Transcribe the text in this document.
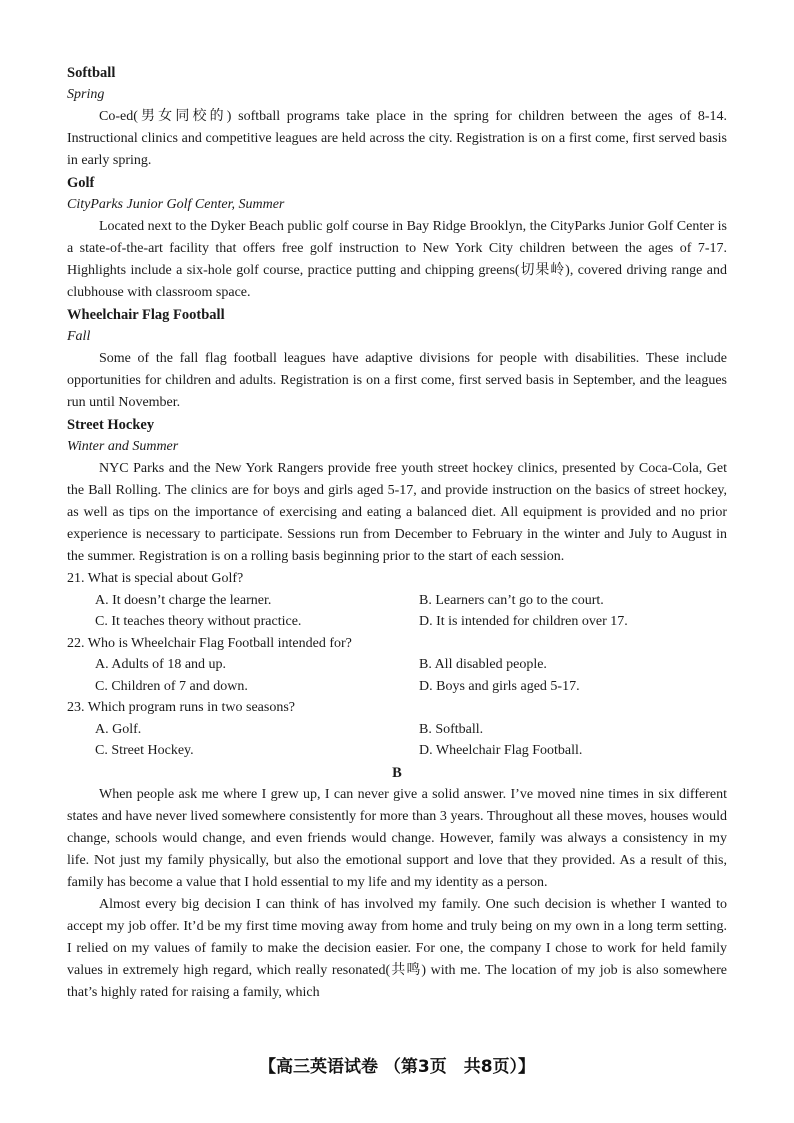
Softball
Spring

Co-ed(男女同校的) softball programs take place in the spring for children between the ages of 8-14. Instructional clinics and competitive leagues are held across the city. Registration is on a first come, first served basis in early spring.

Golf
CityParks Junior Golf Center, Summer

Located next to the Dyker Beach public golf course in Bay Ridge Brooklyn, the CityParks Junior Golf Center is a state-of-the-art facility that offers free golf instruction to New York City children between the ages of 7-17. Highlights include a six-hole golf course, practice putting and chipping greens(切果岭), covered driving range and clubhouse with classroom space.

Wheelchair Flag Football
Fall

Some of the fall flag football leagues have adaptive divisions for people with disabilities. These include opportunities for children and adults. Registration is on a first come, first served basis in September, and the leagues run until November.

Street Hockey
Winter and Summer

NYC Parks and the New York Rangers provide free youth street hockey clinics, presented by Coca-Cola, Get the Ball Rolling. The clinics are for boys and girls aged 5-17, and provide instruction on the basics of street hockey, as well as tips on the importance of exercising and eating a balanced diet. All equipment is provided and no prior experience is necessary to participate. Sessions run from December to February in the winter and July to August in the summer. Registration is on a rolling basis beginning prior to the start of each session.

21. What is special about Golf?
A. It doesn’t charge the learner.	B. Learners can’t go to the court.
C. It teaches theory without practice.	D. It is intended for children over 17.
22. Who is Wheelchair Flag Football intended for?
A. Adults of 18 and up.	B. All disabled people.
C. Children of 7 and down.	D. Boys and girls aged 5-17.
23. Which program runs in two seasons?
A. Golf.	B. Softball.
C. Street Hockey.	D. Wheelchair Flag Football.
B

When people ask me where I grew up, I can never give a solid answer. I’ve moved nine times in six different states and have never lived somewhere consistently for more than 3 years. Throughout all these moves, houses would change, schools would change, and even friends would change. However, family was always a consistency in my life. Not just my family physically, but also the emotional support and love that they provided. As a result of this, family has become a value that I hold essential to my life and my identity as a person.

Almost every big decision I can think of has involved my family. One such decision is whether I wanted to accept my job offer. It’d be my first time moving away from home and truly being on my own in a long term setting. I relied on my values of family to make the decision easier. For one, the company I chose to work for held family values in extremely high regard, which really resonated(共鸣) with me. The location of my job is also somewhere that’s highly rated for raising a family, which

【高三英语试卷 （第3页　共8页）】
